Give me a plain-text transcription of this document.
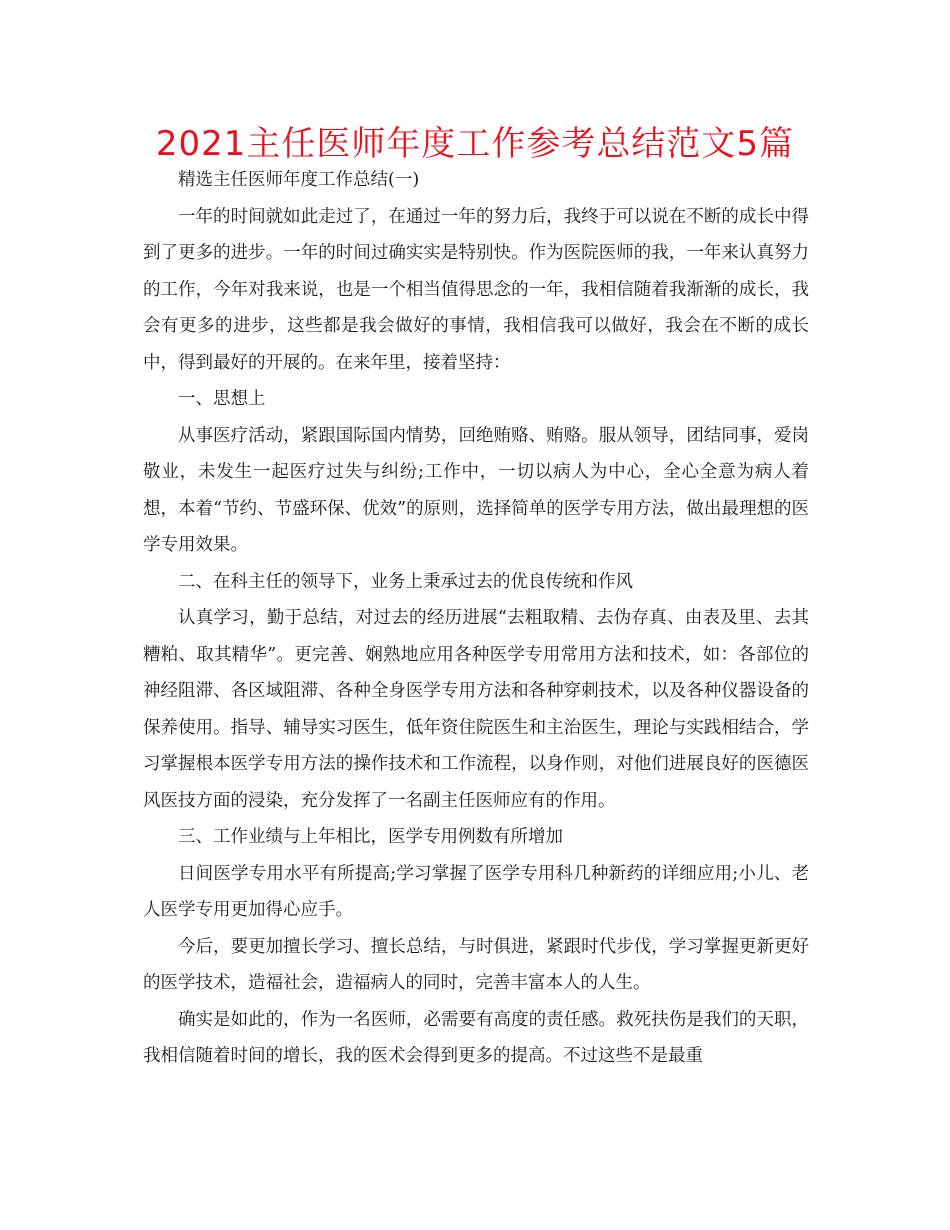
2021主任医师年度工作参考总结范文5篇

精选主任医师年度工作总结(一)

一年的时间就如此走过了，在通过一年的努力后，我终于可以说在不断的成长中得到了更多的进步。一年的时间过确实实是特别快。作为医院医师的我，一年来认真努力的工作，今年对我来说，也是一个相当值得思念的一年，我相信随着我渐渐的成长，我会有更多的进步，这些都是我会做好的事情，我相信我可以做好，我会在不断的成长中，得到最好的开展的。在来年里，接着坚持：

一、思想上

从事医疗活动，紧跟国际国内情势，回绝贿赂、贿赂。服从领导，团结同事，爱岗敬业，未发生一起医疗过失与纠纷;工作中，一切以病人为中心，全心全意为病人着想，本着“节约、节盛环保、优效”的原则，选择简单的医学专用方法，做出最理想的医学专用效果。

二、在科主任的领导下，业务上秉承过去的优良传统和作风

认真学习，勤于总结，对过去的经历进展“去粗取精、去伪存真、由表及里、去其糟粕、取其精华”。更完善、娴熟地应用各种医学专用常用方法和技术，如：各部位的神经阻滞、各区域阻滞、各种全身医学专用方法和各种穿刺技术，以及各种仪器设备的保养使用。指导、辅导实习医生，低年资住院医生和主治医生，理论与实践相结合，学习掌握根本医学专用方法的操作技术和工作流程，以身作则，对他们进展良好的医德医风医技方面的浸染，充分发挥了一名副主任医师应有的作用。

三、工作业绩与上年相比，医学专用例数有所增加

日间医学专用水平有所提高;学习掌握了医学专用科几种新药的详细应用;小儿、老人医学专用更加得心应手。

今后，要更加擅长学习、擅长总结，与时俱进，紧跟时代步伐，学习掌握更新更好的医学技术，造福社会，造福病人的同时，完善丰富本人的人生。

确实是如此的，作为一名医师，必需要有高度的责任感。救死扶伤是我们的天职，我相信随着时间的增长，我的医术会得到更多的提高。不过这些不是最重
